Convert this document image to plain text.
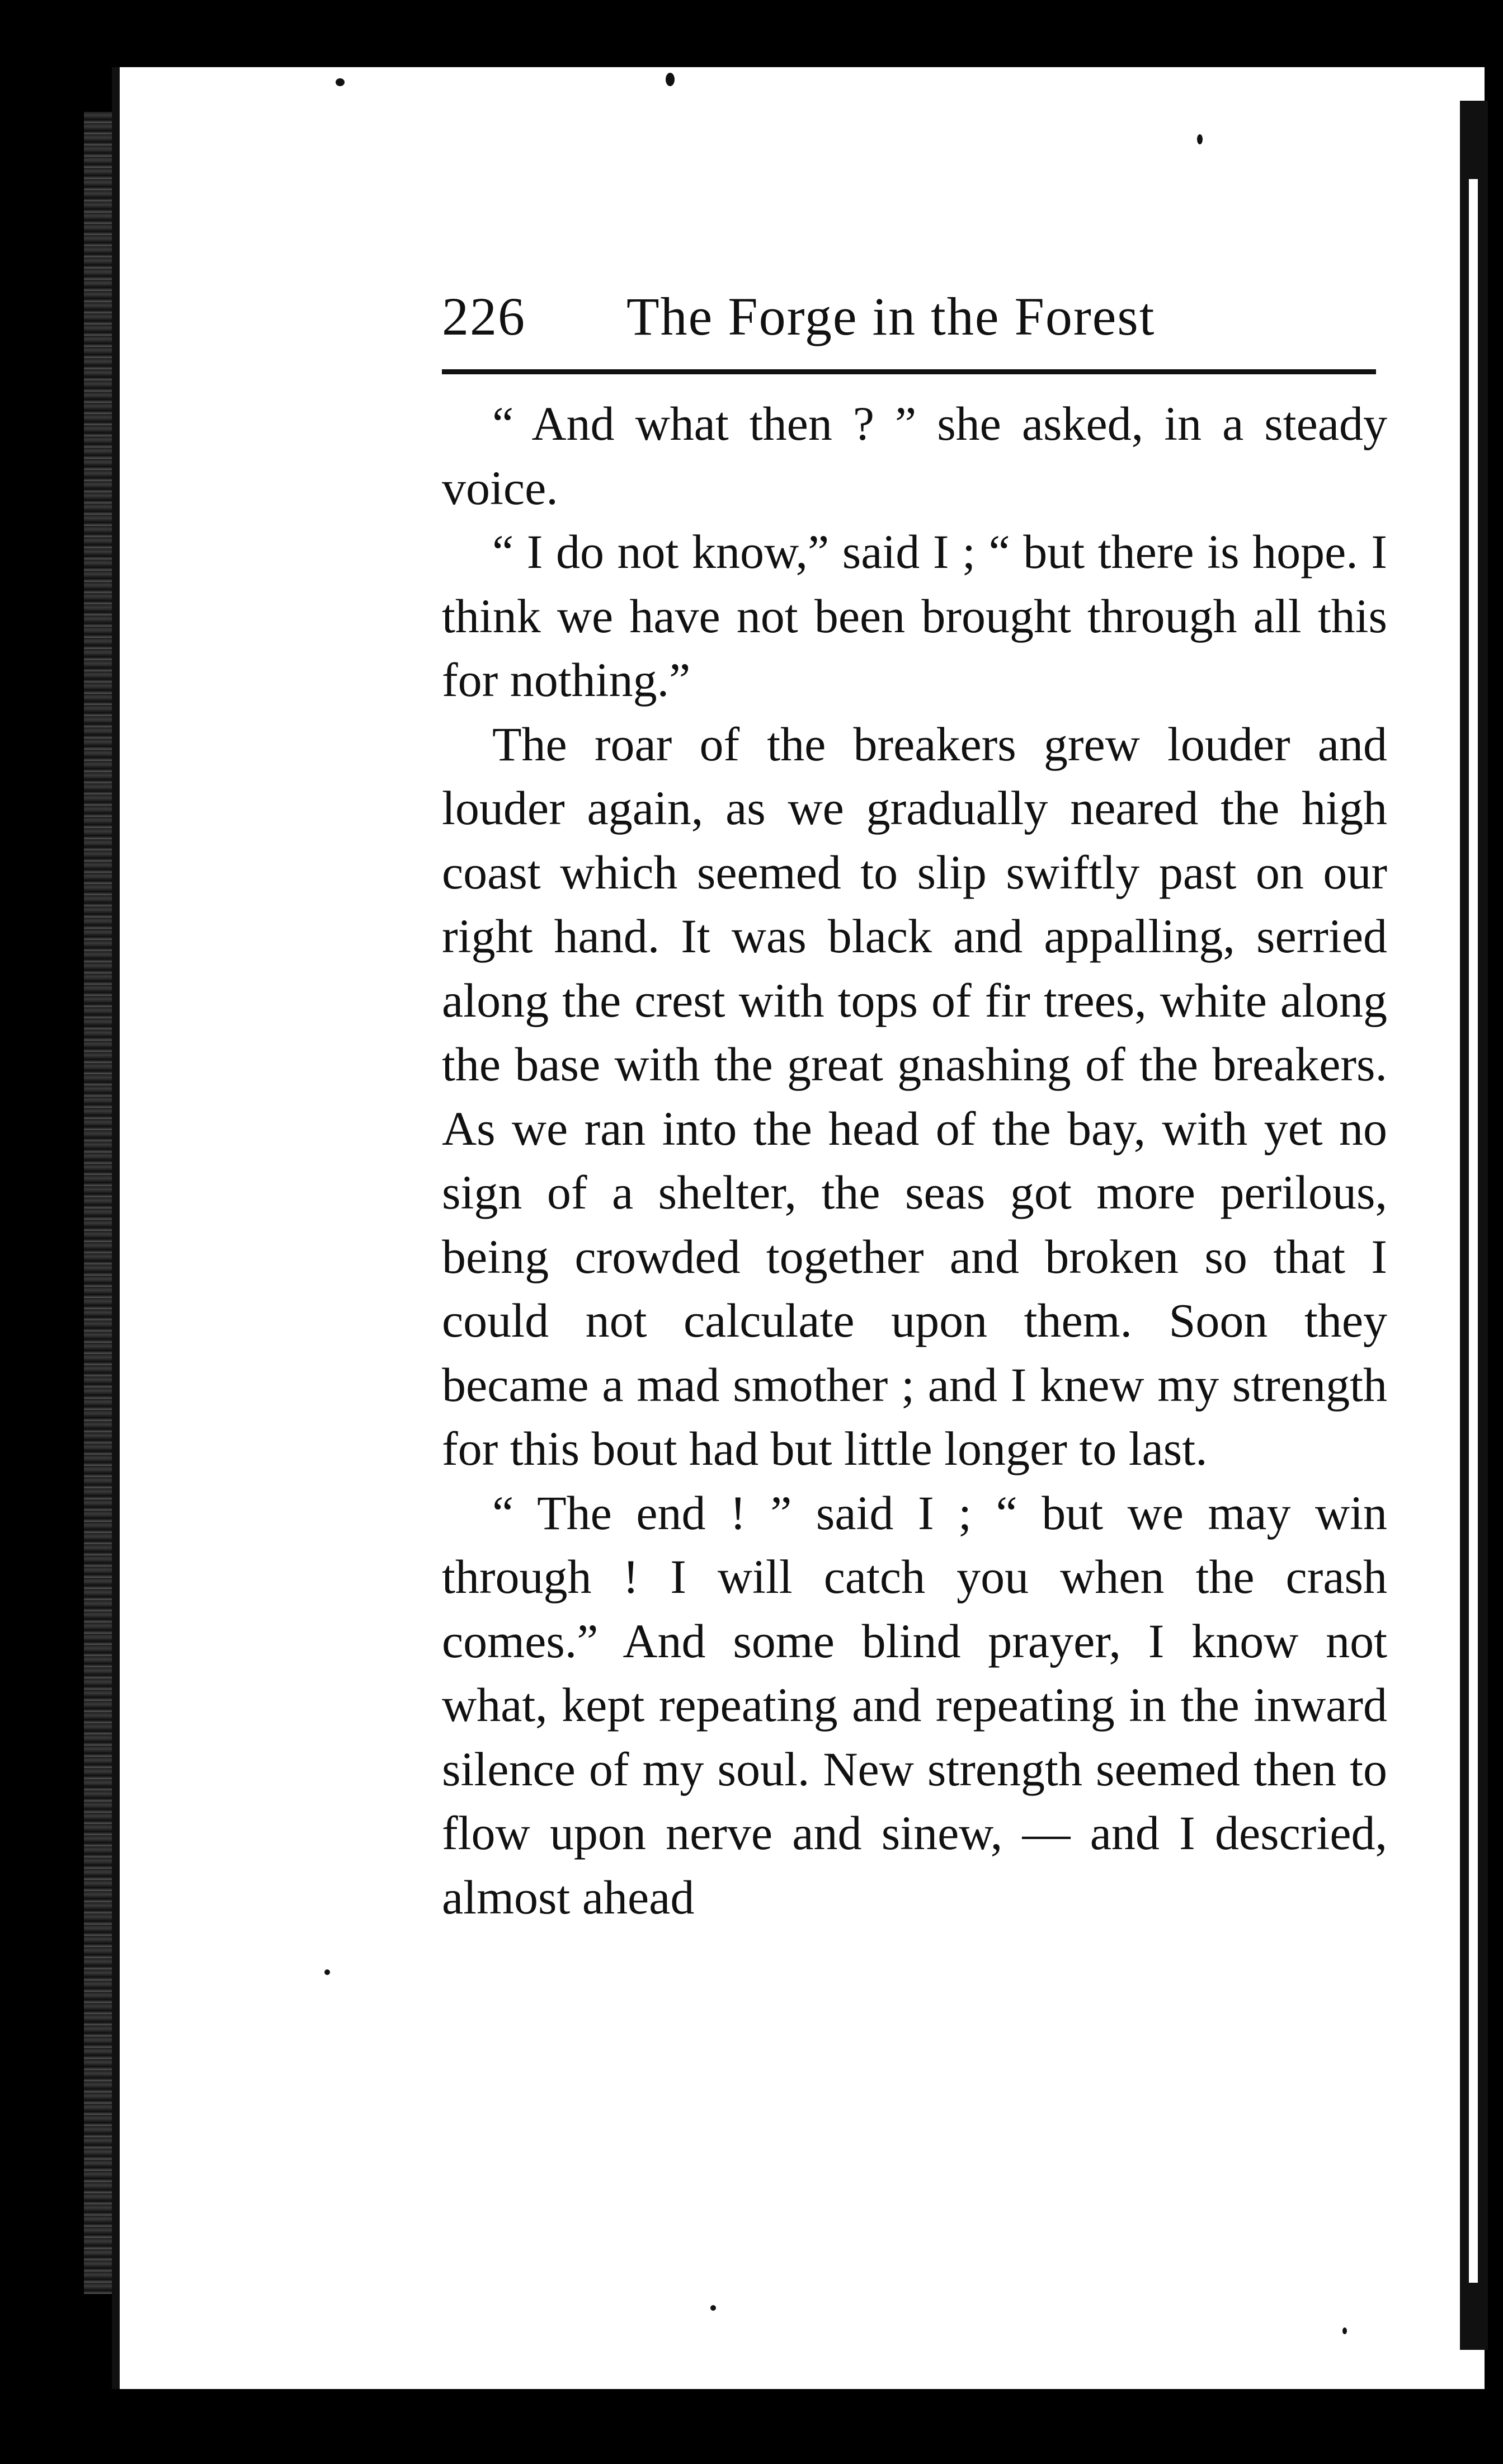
226 The Forge in the Forest

“ And what then ? ” she asked, in a steady voice.

“ I do not know,” said I ; “ but there is hope. I think we have not been brought through all this for nothing.”

The roar of the breakers grew louder and louder again, as we gradually neared the high coast which seemed to slip swiftly past on our right hand. It was black and appalling, serried along the crest with tops of fir trees, white along the base with the great gnashing of the breakers. As we ran into the head of the bay, with yet no sign of a shelter, the seas got more perilous, being crowded together and broken so that I could not calculate upon them. Soon they became a mad smother ; and I knew my strength for this bout had but little longer to last.

“ The end ! ” said I ; “ but we may win through ! I will catch you when the crash comes.” And some blind prayer, I know not what, kept repeating and repeating in the inward silence of my soul. New strength seemed then to flow upon nerve and sinew, — and I descried, almost ahead
